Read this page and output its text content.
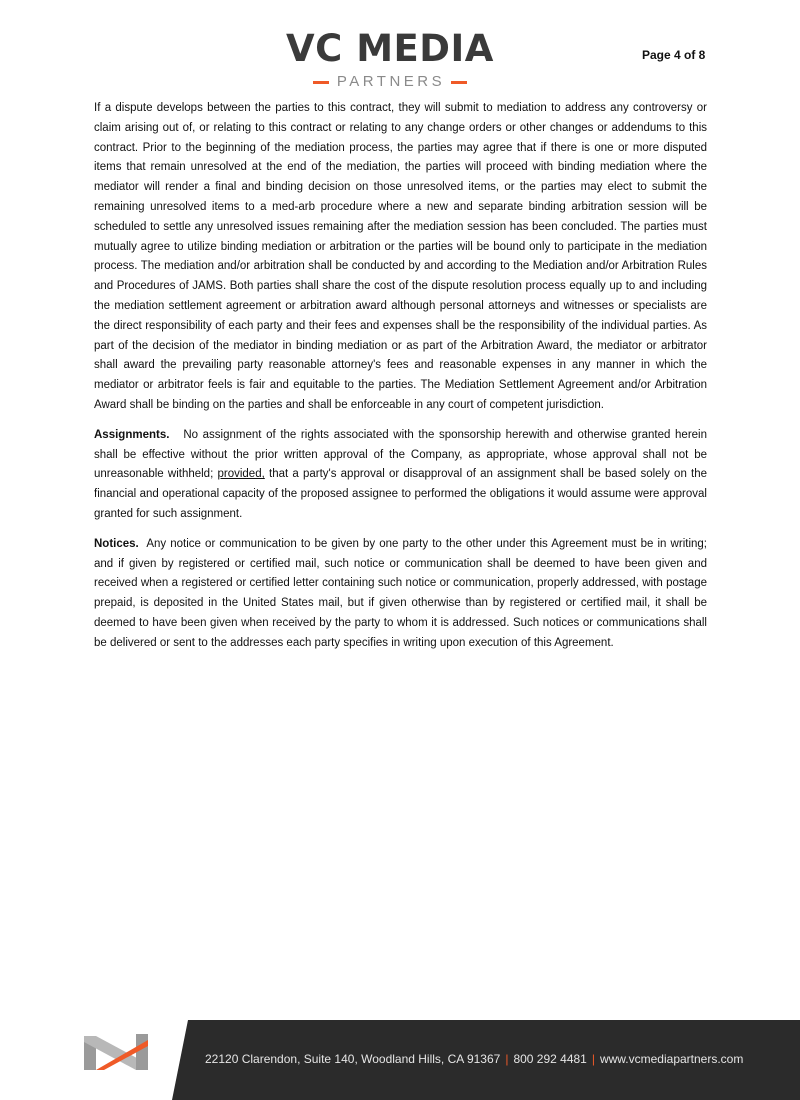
VC MEDIA
PARTNERS
Page 4 of 8

If a dispute develops between the parties to this contract, they will submit to mediation to address any controversy or claim arising out of, or relating to this contract or relating to any change orders or other changes or addendums to this contract. Prior to the beginning of the mediation process, the parties may agree that if there is one or more disputed items that remain unresolved at the end of the mediation, the parties will proceed with binding mediation where the mediator will render a final and binding decision on those unresolved items, or the parties may elect to submit the remaining unresolved items to a med-arb procedure where a new and separate binding arbitration session will be scheduled to settle any unresolved issues remaining after the mediation session has been concluded. The parties must mutually agree to utilize binding mediation or arbitration or the parties will be bound only to participate in the mediation process. The mediation and/or arbitration shall be conducted by and according to the Mediation and/or Arbitration Rules and Procedures of JAMS. Both parties shall share the cost of the dispute resolution process equally up to and including the mediation settlement agreement or arbitration award although personal attorneys and witnesses or specialists are the direct responsibility of each party and their fees and expenses shall be the responsibility of the individual parties. As part of the decision of the mediator in binding mediation or as part of the Arbitration Award, the mediator or arbitrator shall award the prevailing party reasonable attorney's fees and reasonable expenses in any manner in which the mediator or arbitrator feels is fair and equitable to the parties. The Mediation Settlement Agreement and/or Arbitration Award shall be binding on the parties and shall be enforceable in any court of competent jurisdiction.

Assignments. No assignment of the rights associated with the sponsorship herewith and otherwise granted herein shall be effective without the prior written approval of the Company, as appropriate, whose approval shall not be unreasonable withheld; provided, that a party's approval or disapproval of an assignment shall be based solely on the financial and operational capacity of the proposed assignee to performed the obligations it would assume were approval granted for such assignment.

Notices. Any notice or communication to be given by one party to the other under this Agreement must be in writing; and if given by registered or certified mail, such notice or communication shall be deemed to have been given and received when a registered or certified letter containing such notice or communication, properly addressed, with postage prepaid, is deposited in the United States mail, but if given otherwise than by registered or certified mail, it shall be deemed to have been given when received by the party to whom it is addressed. Such notices or communications shall be delivered or sent to the addresses each party specifies in writing upon execution of this Agreement.

22120 Clarendon, Suite 140, Woodland Hills, CA 91367 | 800 292 4481 | www.vcmediapartners.com
